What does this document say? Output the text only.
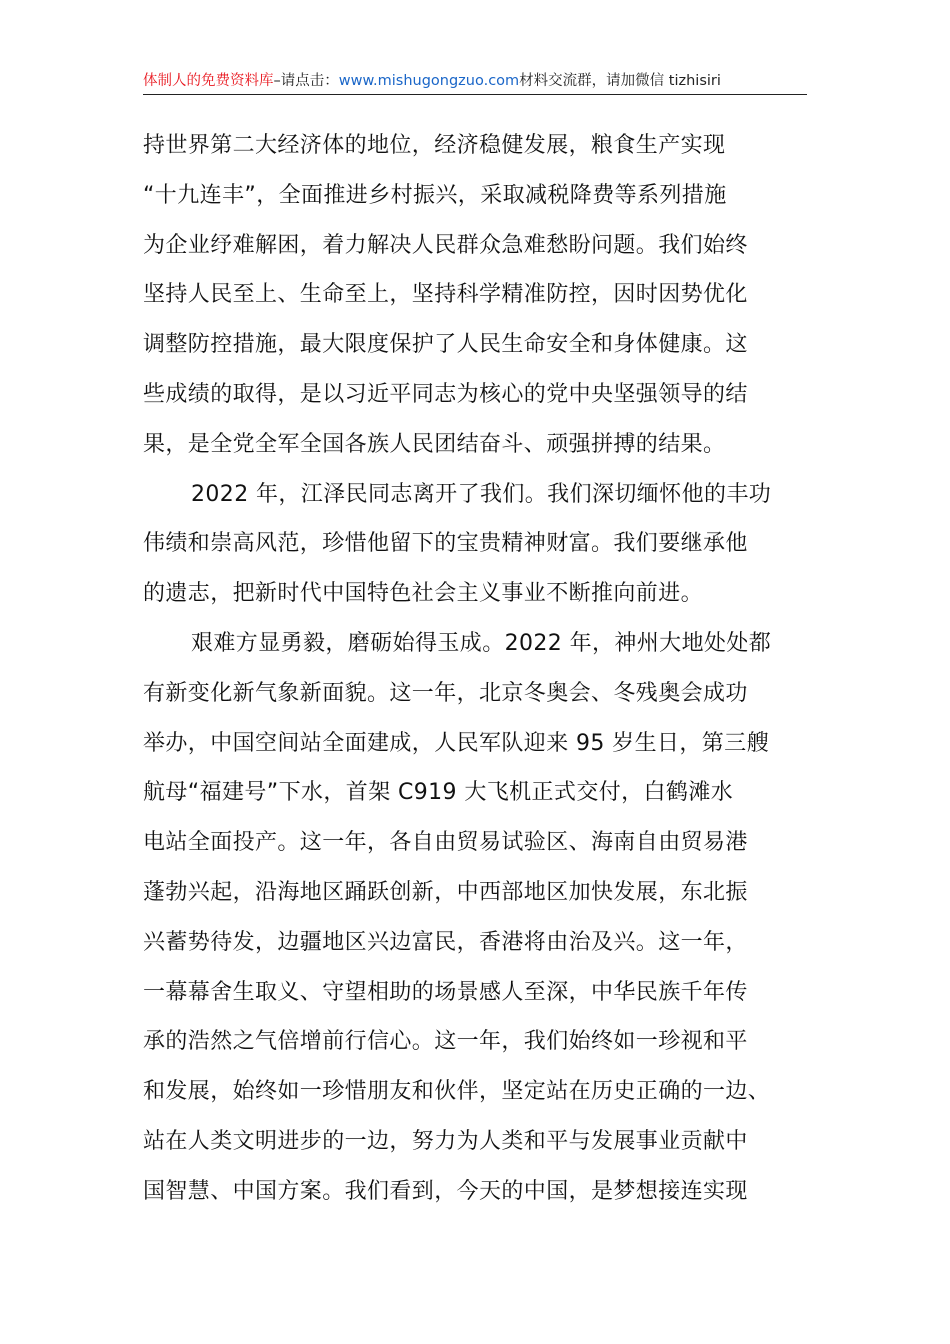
体制人的免费资料库–请点击：www.mishugongzuo.com材料交流群，请加微信 tizhisiri

持世界第二大经济体的地位，经济稳健发展，粮食生产实现

“十九连丰”，全面推进乡村振兴，采取减税降费等系列措施

为企业纾难解困，着力解决人民群众急难愁盼问题。我们始终

坚持人民至上、生命至上，坚持科学精准防控，因时因势优化

调整防控措施，最大限度保护了人民生命安全和身体健康。这

些成绩的取得，是以习近平同志为核心的党中央坚强领导的结

果，是全党全军全国各族人民团结奋斗、顽强拼搏的结果。

2022 年，江泽民同志离开了我们。我们深切缅怀他的丰功

伟绩和崇高风范，珍惜他留下的宝贵精神财富。我们要继承他

的遗志，把新时代中国特色社会主义事业不断推向前进。

艰难方显勇毅，磨砺始得玉成。2022 年，神州大地处处都

有新变化新气象新面貌。这一年，北京冬奥会、冬残奥会成功

举办，中国空间站全面建成，人民军队迎来 95 岁生日，第三艘

航母“福建号”下水，首架 C919 大飞机正式交付，白鹤滩水

电站全面投产。这一年，各自由贸易试验区、海南自由贸易港

蓬勃兴起，沿海地区踊跃创新，中西部地区加快发展，东北振

兴蓄势待发，边疆地区兴边富民，香港将由治及兴。这一年，

一幕幕舍生取义、守望相助的场景感人至深，中华民族千年传

承的浩然之气倍增前行信心。这一年，我们始终如一珍视和平

和发展，始终如一珍惜朋友和伙伴，坚定站在历史正确的一边、

站在人类文明进步的一边，努力为人类和平与发展事业贡献中

国智慧、中国方案。我们看到，今天的中国，是梦想接连实现
